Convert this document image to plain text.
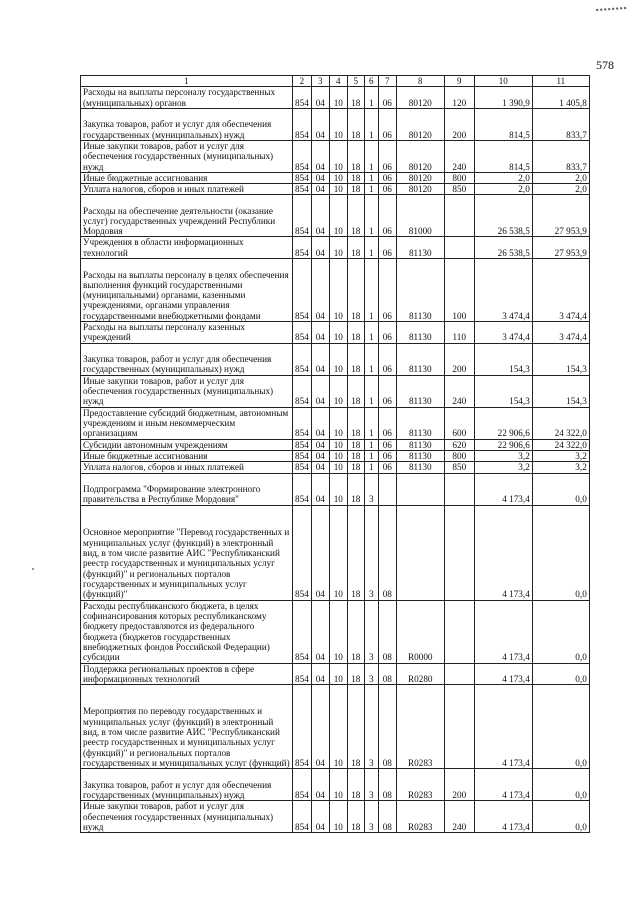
578
1	2	3	4	5	6	7	8	9	10	11
Расходы на выплаты персоналу государственных (муниципальных) органов	854	04	10	18	1	06	80120	120	1 390,9	1 405,8
Закупка товаров, работ и услуг для обеспечения государственных (муниципальных) нужд	854	04	10	18	1	06	80120	200	814,5	833,7
Иные закупки товаров, работ и услуг для обеспечения государственных (муниципальных) нужд	854	04	10	18	1	06	80120	240	814,5	833,7
Иные бюджетные ассигнования	854	04	10	18	1	06	80120	800	2,0	2,0
Уплата налогов, сборов и иных платежей	854	04	10	18	1	06	80120	850	2,0	2,0
Расходы на обеспечение деятельности (оказание услуг) государственных учреждений Республики Мордовия	854	04	10	18	1	06	81000		26 538,5	27 953,9
Учреждения в области информационных технологий	854	04	10	18	1	06	81130		26 538,5	27 953,9
Расходы на выплаты персоналу в целях обеспечения выполнения функций государственными (муниципальными) органами, казенными учреждениями, органами управления государственными внебюджетными фондами	854	04	10	18	1	06	81130	100	3 474,4	3 474,4
Расходы на выплаты персоналу казенных учреждений	854	04	10	18	1	06	81130	110	3 474,4	3 474,4
Закупка товаров, работ и услуг для обеспечения государственных (муниципальных) нужд	854	04	10	18	1	06	81130	200	154,3	154,3
Иные закупки товаров, работ и услуг для обеспечения государственных (муниципальных) нужд	854	04	10	18	1	06	81130	240	154,3	154,3
Предоставление субсидий бюджетным, автономным учреждениям и иным некоммерческим организациям	854	04	10	18	1	06	81130	600	22 906,6	24 322,0
Субсидии автономным учреждениям	854	04	10	18	1	06	81130	620	22 906,6	24 322,0
Иные бюджетные ассигнования	854	04	10	18	1	06	81130	800	3,2	3,2
Уплата налогов, сборов и иных платежей	854	04	10	18	1	06	81130	850	3,2	3,2
Подпрограмма "Формирование электронного правительства в Республике Мордовия"	854	04	10	18	3				4 173,4	0,0
Основное мероприятие "Перевод государственных и муниципальных услуг (функций) в электронный вид, в том числе развитие АИС "Республиканский реестр государственных и муниципальных услуг (функций)" и региональных порталов государственных и муниципальных услуг (функций)"	854	04	10	18	3	08			4 173,4	0,0
Расходы республиканского бюджета, в целях софинансирования которых республиканскому бюджету предоставляются из федерального бюджета (бюджетов государственных внебюджетных фондов Российской Федерации) субсидии	854	04	10	18	3	08	R0000		4 173,4	0,0
Поддержка региональных проектов в сфере информационных технологий	854	04	10	18	3	08	R0280		4 173,4	0,0
Мероприятия по переводу государственных и муниципальных услуг (функций) в электронный вид, в том числе развитие АИС "Республиканский реестр государственных и муниципальных услуг (функций)" и региональных порталов государственных и муниципальных услуг (функций)	854	04	10	18	3	08	R0283		4 173,4	0,0
Закупка товаров, работ и услуг для обеспечения государственных (муниципальных) нужд	854	04	10	18	3	08	R0283	200	4 173,4	0,0
Иные закупки товаров, работ и услуг для обеспечения государственных (муниципальных) нужд	854	04	10	18	3	08	R0283	240	4 173,4	0,0
